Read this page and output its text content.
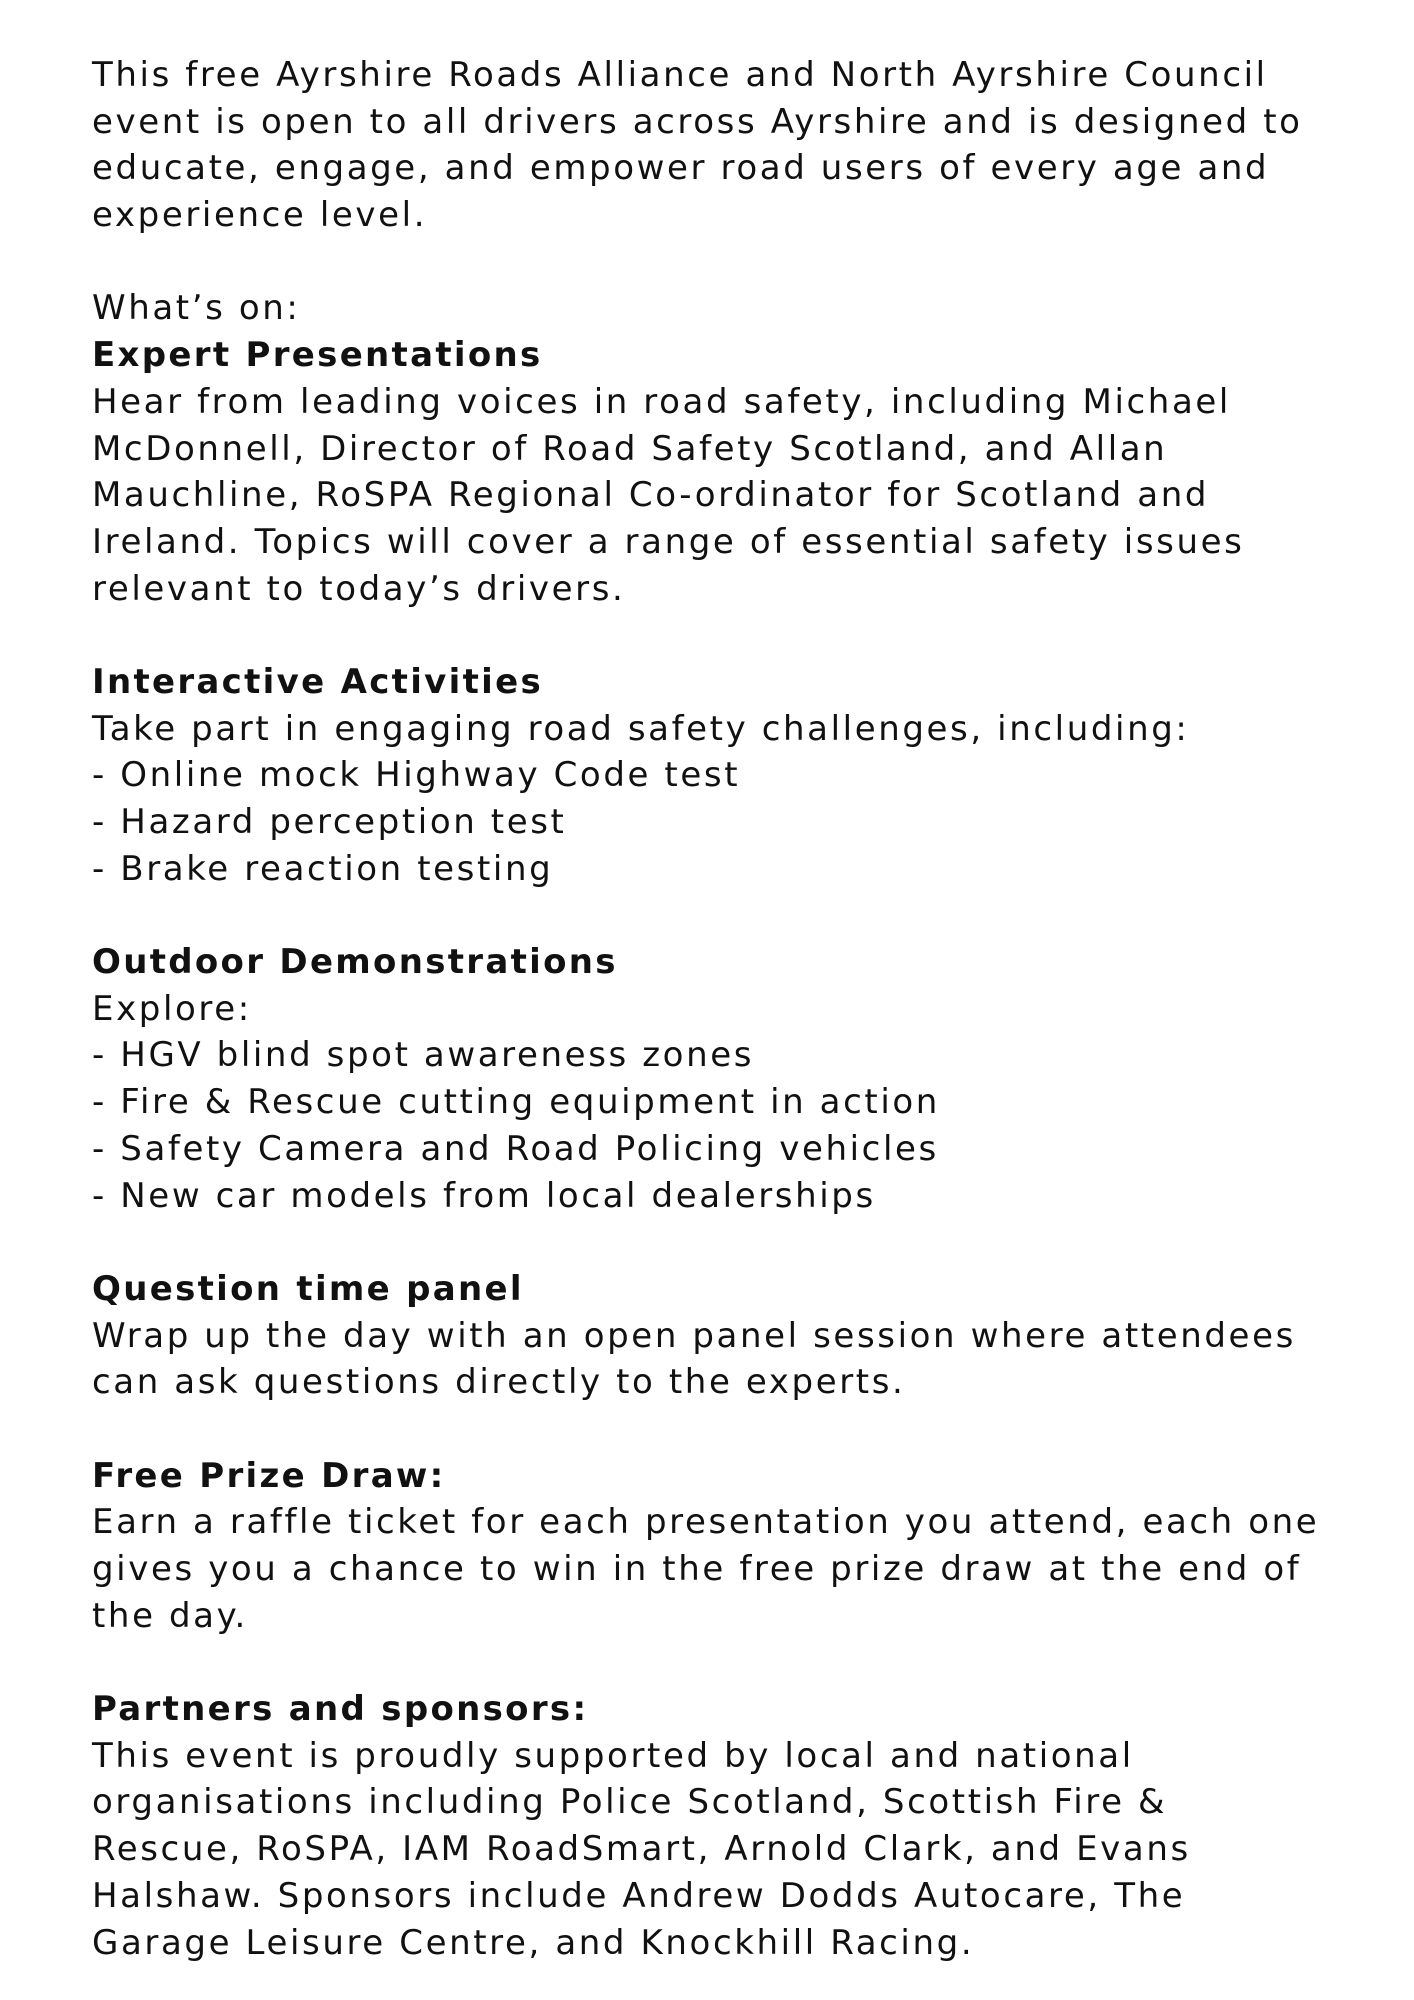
This free Ayrshire Roads Alliance and North Ayrshire Council
event is open to all drivers across Ayrshire and is designed to
educate, engage, and empower road users of every age and
experience level.
What’s on:
Expert Presentations
Hear from leading voices in road safety, including Michael
McDonnell, Director of Road Safety Scotland, and Allan
Mauchline, RoSPA Regional Co-ordinator for Scotland and
Ireland. Topics will cover a range of essential safety issues
relevant to today’s drivers.
Interactive Activities
Take part in engaging road safety challenges, including:
- Online mock Highway Code test
- Hazard perception test
- Brake reaction testing
Outdoor Demonstrations
Explore:
- HGV blind spot awareness zones
- Fire & Rescue cutting equipment in action
- Safety Camera and Road Policing vehicles
- New car models from local dealerships
Question time panel
Wrap up the day with an open panel session where attendees
can ask questions directly to the experts.
Free Prize Draw:
Earn a raffle ticket for each presentation you attend, each one
gives you a chance to win in the free prize draw at the end of
the day.
Partners and sponsors:
This event is proudly supported by local and national
organisations including Police Scotland, Scottish Fire &
Rescue, RoSPA, IAM RoadSmart, Arnold Clark, and Evans
Halshaw. Sponsors include Andrew Dodds Autocare, The
Garage Leisure Centre, and Knockhill Racing.
